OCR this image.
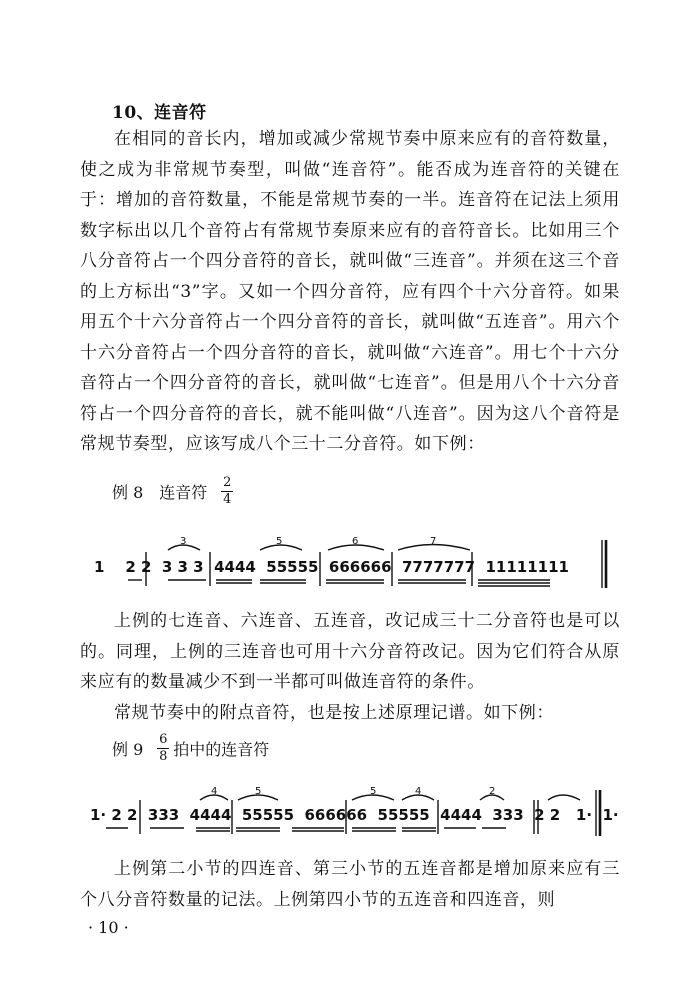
10、连音符

在相同的音长内，增加或减少常规节奏中原来应有的音符数量，使之成为非常规节奏型，叫做“连音符”。能否成为连音符的关键在于：增加的音符数量，不能是常规节奏的一半。连音符在记法上须用数字标出以几个音符占有常规节奏原来应有的音符音长。比如用三个八分音符占一个四分音符的音长，就叫做“三连音”。并须在这三个音的上方标出“3”字。又如一个四分音符，应有四个十六分音符。如果用五个十六分音符占一个四分音符的音长，就叫做“五连音”。用六个十六分音符占一个四分音符的音长，就叫做“六连音”。用七个十六分音符占一个四分音符的音长，就叫做“七连音”。但是用八个十六分音符占一个四分音符的音长，就不能叫做“八连音”。因为这八个音符是常规节奏型，应该写成八个三十二分音符。如下例：

例 8　连音符 $\frac{2}{4}$
3	5	6	7
1    2 2  3 3 3  4444  55555  666666  7777777  11111111

上例的七连音、六连音、五连音，改记成三十二分音符也是可以的。同理，上例的三连音也可用十六分音符改记。因为它们符合从原来应有的数量减少不到一半都可叫做连音符的条件。

常规节奏中的附点音符，也是按上述原理记谱。如下例：

例 $9 \frac{6}{8}$ 拍中的连音符
4	5	5	4	2
1· 2 2  333  4444  55555  666666  55555  4444  333  2 2   1·  1·

上例第二小节的四连音、第三小节的五连音都是增加原来应有三个八分音符数量的记法。上例第四小节的五连音和四连音，则

· 10 ·
